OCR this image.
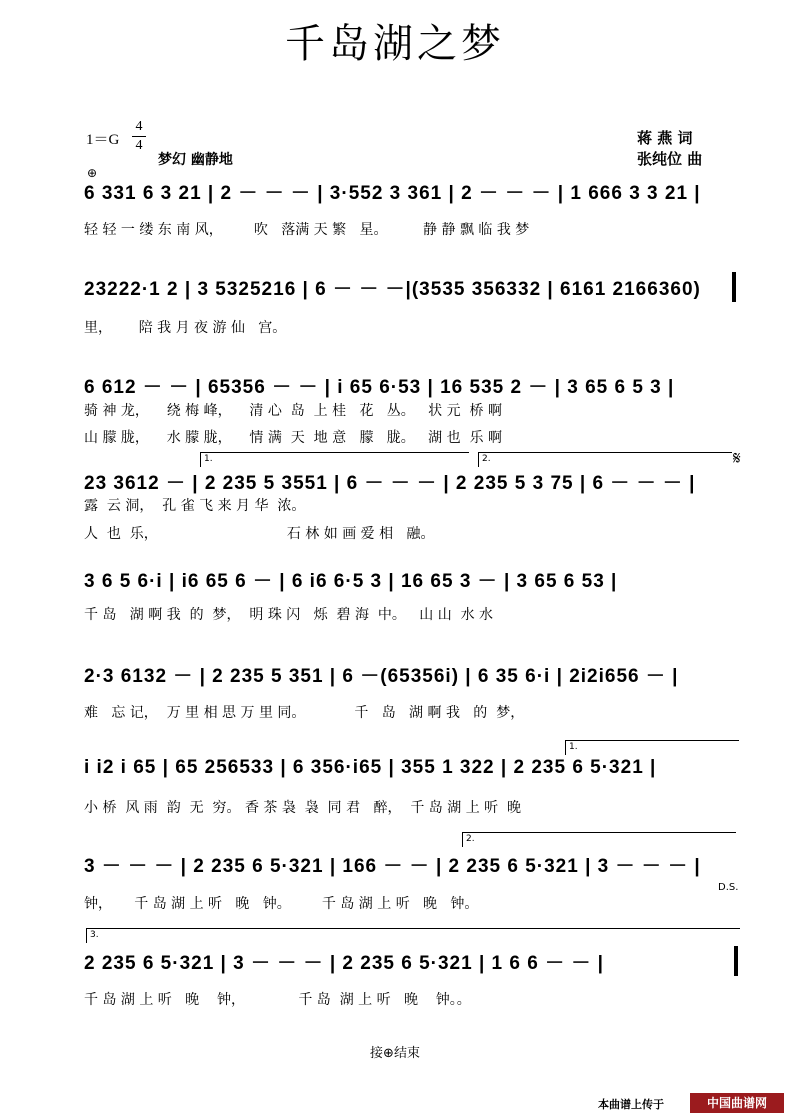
千岛湖之梦
1＝G
4
4
梦幻 幽静地
蒋 燕 词
张纯位 曲
⊕
𝄋
6 331 6 3 21 | 2 － － － | 3·552 3 361 | 2 － － － | 1 666 3 3 21 |
轻 轻 一 缕 东 南 风，       吹   落满 天 繁   星。        静 静 飘 临 我 梦
23222·1 2 | 3 5325216 | 6 － － －|(3535 356332 | 6161 2166360)
里，      陪 我 月 夜 游 仙   宫。
6 612 － － | 65356 － － | i 65 6·53 | 16 535 2 － | 3 65 6 5 3 |
骑 神 龙，    绕 梅 峰，    清 心  岛  上 桂   花   丛。   状 元  桥 啊
山 朦 胧，    水 朦 胧，    情 满  天  地 意   朦   胧。   湖 也  乐 啊
1.	2.
23 3612 － | 2 235 5 3551 | 6 － － － | 2 235 5 3 75 | 6 － － － |
露  云 洞，  孔 雀 飞 来 月 华  浓。
人  也  乐，                             石 林 如 画 爱 相   融。
3 6 5 6·i | i6 65 6 － | 6 i6 6·5 3 | 16 65 3 － | 3 65 6 53 |
千 岛   湖 啊 我  的  梦，  明 珠 闪   烁  碧 海  中。   山 山  水 水
2·3 6132 － | 2 235 5 351 | 6 －(65356i) | 6 35 6·i | 2i2i656 － |
难   忘 记，  万 里 相 思 万 里 同。           千   岛   湖 啊 我   的  梦，
1.
i i2 i 65 | 65 256533 | 6 356·i65 | 355 1 322 | 2 235 6 5·321 |
小 桥  风 雨  韵  无  穷。 香 茶 袅  袅  同 君   醉，  千 岛 湖 上 听  晚
2.
3 － － － | 2 235 6 5·321 | 166 － － | 2 235 6 5·321 | 3 － － － |
D.S.
钟，     千 岛 湖 上 听   晚   钟。       千 岛 湖 上 听   晚   钟。
3.
2 235 6 5·321 | 3 － － － | 2 235 6 5·321 | 1 6 6 － － |
千 岛 湖 上 听   晚    钟，            千 岛  湖 上 听   晚    钟。。
接⊕结束
本曲谱上传于	中国曲谱网
